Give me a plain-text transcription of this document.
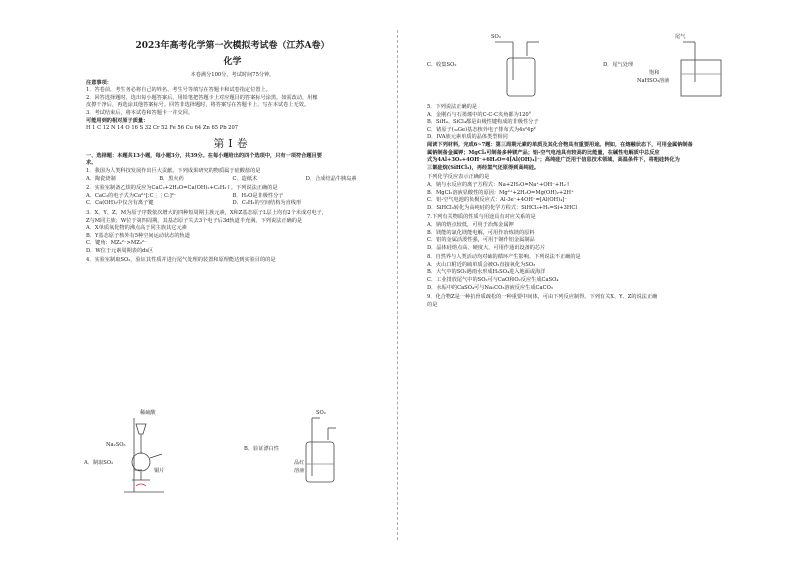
2023年高考化学第一次模拟考试卷（江苏A卷）
化学
本卷满分100分，考试时间75分钟。
注意事项：
1．答卷前，考生务必将自己的姓名、考生号等填写在答题卡和试卷指定位置上。
2．回答选择题时，选出每小题答案后，用铅笔把答题卡上对应题目的答案标号涂黑。如需改动，用橡
皮擦干净后，再选涂其他答案标号。回答非选择题时，将答案写在答题卡上，写在本试卷上无效。
3．考试结束后，将本试卷和答题卡一并交回。
可能用到的相对原子质量：
H 1 C 12 N 14 O 16 S 32 Cr 52 Fe 56 Cu 64 Zn 65 Pb 207
第Ⅰ卷
一、选择题：本题共13小题，每小题3分，共39分。在每小题给出的四个选项中，只有一项符合题目要
求。
1．我国为人类科技发展作出巨大贡献。下列成果研究的物质属于硅酸盐的是
A．陶瓷烧制	B．黑火药	C．造纸术	D．合成结晶牛胰岛素
2．实验室制备乙炔的反应为CaC₂+2H₂O=Ca(OH)₂+C₂H₂↑。下列说法正确的是
A．CaC₂的电子式为Ca²⁺[:C⋮⋮C:]²⁻	B．H₂O是非极性分子
C．Ca(OH)₂中仅含有离子键	D．C₂H₂的空间结构为直线形
3．X、Y、Z、M为原子序数依次增大的四种短周期主族元素，X和Z基态原子L层上均有2个未成对电子，
Z与M同主族；W位于第四周期，其基态原子失去3个电子后3d轨道半充满。下列说法正确的是
A．X单质氧化物的沸点高于同主族其它元素
B．Y基态原子核外有5种空间运动状态的轨道
C．键角：MZ₄²⁻>MZ₃²⁻
D．W位于元素周期表的ds区
4．实验室制取SO₂，验证其性质并进行尾气处理的装置和原理能达到实验目的的是
稀硫酸
Na₂SO₃
铜片
A．制取SO₂
SO₂
品红
溶液
B．验证漂白性
C．收集SO₂	D．尾气处理
SO₂	尾气
饱和
NaHSO₃溶液
5．下列说法正确的是
A．金刚石与石墨烯中的C-C-C夹角都为120°
B．SiH₄、SiCl₄都是由极性键构成的非极性分子
C．锗原子(₃₂Ge)基态核外电子排布式为4s²4p²
D．IVA族元素单质的晶体类型相同
阅读下列材料，完成6~7题：第三周期元素的单质及其化合物具有重要用途。例如，在熔融状态下，可用金属钠制备
属钠制备金属钾；MgCl₂可制备多种镁产品；铝-空气电池具有较高的比能量，在碱性电解质中总反应
式为4Al+3O₂+4OH⁻+6H₂O=4[Al(OH)₄]⁻；高纯硅广泛用于信息技术领域，高温条件下，将粗硅转化为
三氯硅烷(SiHCl₃)，再经氢气还原得到高纯硅。
下列化学反应表示正确的是
A．钠与水反应的离子方程式：Na+2H₂O=Na⁺+OH⁻+H₂↑
B．MgCl₂溶液显酸性的原因：Mg²⁺+2H₂O=Mg(OH)₂+2H⁺
C．铝-空气电池的负极反应式：Al-3e⁻+4OH⁻=[Al(OH)₄]⁻
D．SiHCl₃转化为高纯硅的化学方程式：SiHCl₃+H₂=Si+3HCl
7.下列有关物质的性质与用途具有对应关系的是
A．钠的熔点较低，可用于冶炼金属钾
B．镁能的氯化镁能电解，可用作冶炼镁的原料
C．铝的金属活泼性强，可用于制作铝金属制品
D．晶体硅熔点高、硬度大，可用作通讯设备的芯片
8．自然界与人类活动均对硫的循环产生影响。下列说法不正确的是
A．火山口附近的硫单质会被O₂直接氧化为SO₃
B．大气中的SO₂遇雨水形成H₂SO₄进入地面或海洋
C．工业排放尾气中的SO₂可与CaO和O₂反应生成CaSO₄
D．水垢中的CaSO₄可与Na₂CO₃溶液反应生成CaCO₃
9．化合物Z是一种抗骨质疏松的一种重要中间体，可由下列反应制得。下列有关X、Y、Z的说法正确
的是
